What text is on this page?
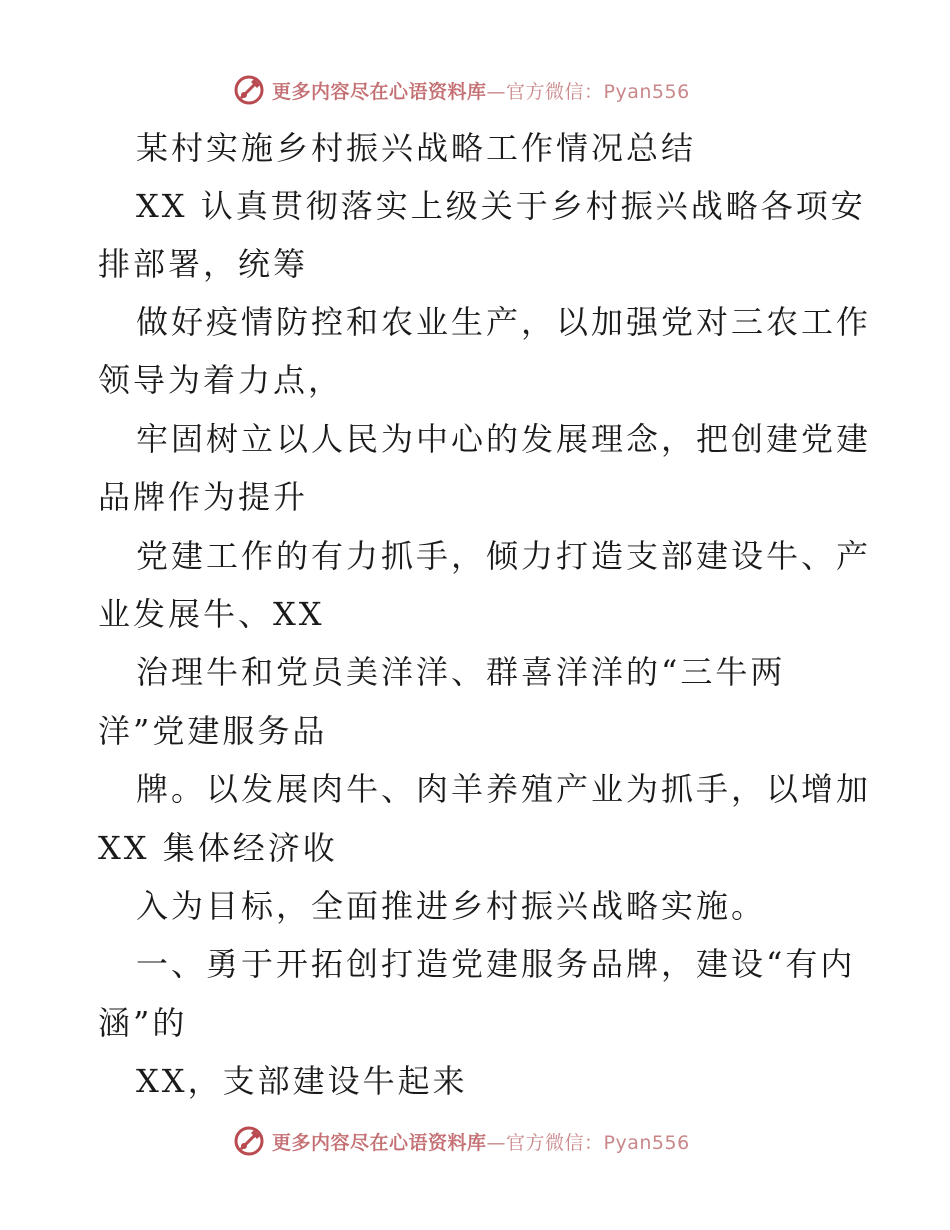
更多内容尽在心语资料库—官方微信：Pyan556
某村实施乡村振兴战略工作情况总结
XX 认真贯彻落实上级关于乡村振兴战略各项安
排部署，统筹
做好疫情防控和农业生产，以加强党对三农工作
领导为着力点，
牢固树立以人民为中心的发展理念，把创建党建
品牌作为提升
党建工作的有力抓手，倾力打造支部建设牛、产
业发展牛、XX
治理牛和党员美洋洋、群喜洋洋的“三牛两
洋”党建服务品
牌。以发展肉牛、肉羊养殖产业为抓手，以增加
XX 集体经济收
入为目标，全面推进乡村振兴战略实施。
一、勇于开拓创打造党建服务品牌，建设“有内
涵”的
XX，支部建设牛起来
更多内容尽在心语资料库—官方微信：Pyan556
